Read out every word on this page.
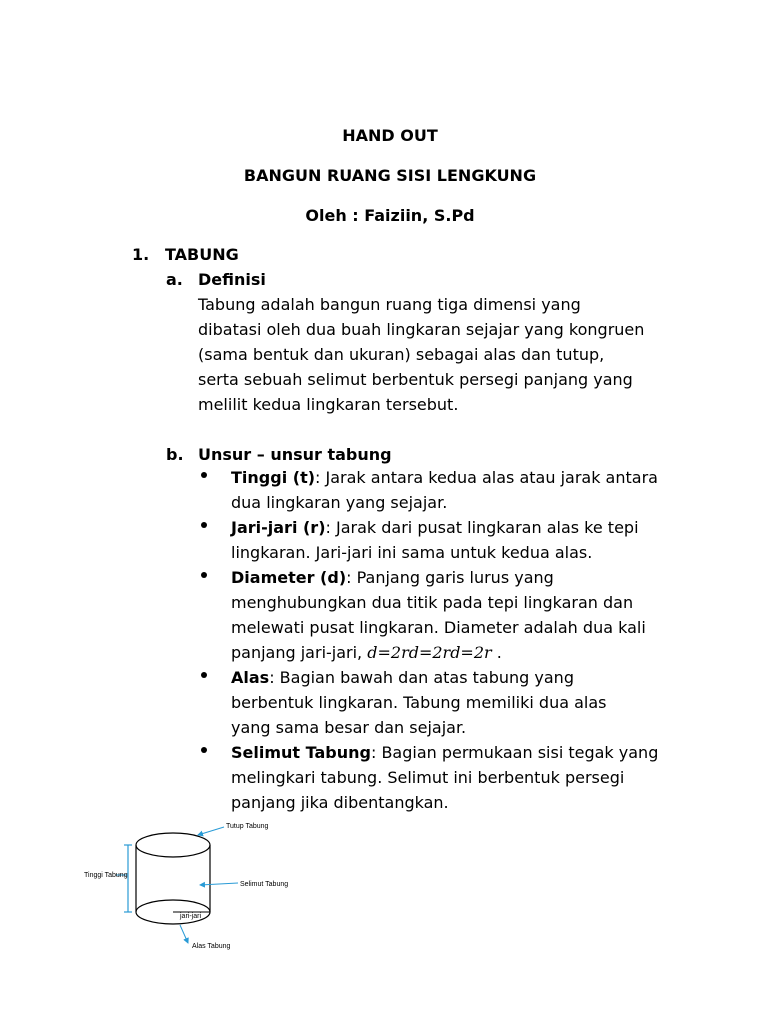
HAND OUT
BANGUN RUANG SISI LENGKUNG
Oleh : Faiziin, S.Pd
1. TABUNG
a. Definisi
Tabung adalah bangun ruang tiga dimensi yang
dibatasi oleh dua buah lingkaran sejajar yang kongruen
(sama bentuk dan ukuran) sebagai alas dan tutup,
serta sebuah selimut berbentuk persegi panjang yang
melilit kedua lingkaran tersebut.
b. Unsur – unsur tabung
Tinggi (t): Jarak antara kedua alas atau jarak antara
dua lingkaran yang sejajar.
Jari-jari (r): Jarak dari pusat lingkaran alas ke tepi
lingkaran. Jari-jari ini sama untuk kedua alas.
Diameter (d): Panjang garis lurus yang
menghubungkan dua titik pada tepi lingkaran dan
melewati pusat lingkaran. Diameter adalah dua kali
panjang jari-jari, d=2rd=2rd=2r .
Alas: Bagian bawah dan atas tabung yang
berbentuk lingkaran. Tabung memiliki dua alas
yang sama besar dan sejajar.
Selimut Tabung: Bagian permukaan sisi tegak yang
melingkari tabung. Selimut ini berbentuk persegi
panjang jika dibentangkan.
Tutup Tabung
Tinggi Tabung
Selimut Tabung
jari-jari
Alas Tabung
